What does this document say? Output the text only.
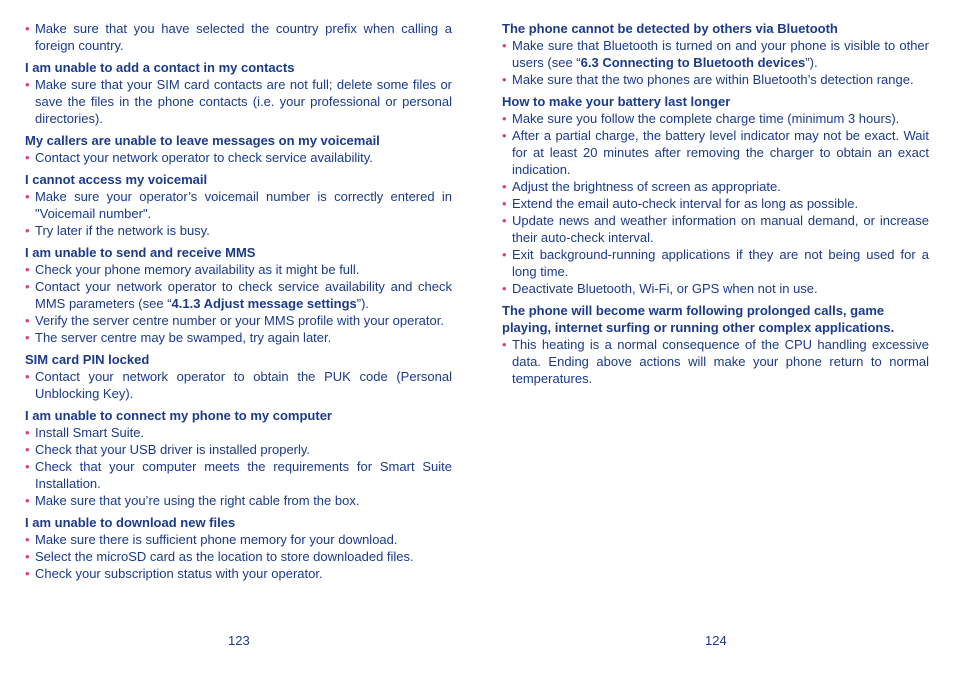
• Make sure that you have selected the country prefix when calling a foreign country.

I am unable to add a contact in my contacts

• Make sure that your SIM card contacts are not full; delete some files or save the files in the phone contacts (i.e. your professional or personal directories).

My callers are unable to leave messages on my voicemail

• Contact your network operator to check service availability.

I cannot access my voicemail

• Make sure your operator’s voicemail number is correctly entered in "Voicemail number".
• Try later if the network is busy.

I am unable to send and receive MMS

• Check your phone memory availability as it might be full.
• Contact your network operator to check service availability and check MMS parameters (see “4.1.3 Adjust message settings”).
• Verify the server centre number or your MMS profile with your operator.
• The server centre may be swamped, try again later.

SIM card PIN locked

• Contact your network operator to obtain the PUK code (Personal Unblocking Key).

I am unable to connect my phone to my computer

• Install Smart Suite.
• Check that your USB driver is installed properly.
• Check that your computer meets the requirements for Smart Suite Installation.
• Make sure that you’re using the right cable from the box.

I am unable to download new files

• Make sure there is sufficient phone memory for your download.
• Select the microSD card as the location to store downloaded files.
• Check your subscription status with your operator.

The phone cannot be detected by others via Bluetooth

• Make sure that Bluetooth is turned on and your phone is visible to other users (see “6.3 Connecting to Bluetooth devices”).
• Make sure that the two phones are within Bluetooth’s detection range.

How to make your battery last longer

• Make sure you follow the complete charge time (minimum 3 hours).
• After a partial charge, the battery level indicator may not be exact. Wait for at least 20 minutes after removing the charger to obtain an exact indication.
• Adjust the brightness of screen as appropriate.
• Extend the email auto-check interval for as long as possible.
• Update news and weather information on manual demand, or increase their auto-check interval.
• Exit background-running applications if they are not being used for a long time.
• Deactivate Bluetooth, Wi-Fi, or GPS when not in use.

The phone will become warm following prolonged calls, game playing, internet surfing or running other complex applications.

• This heating is a normal consequence of the CPU handling excessive data. Ending above actions will make your phone return to normal temperatures.
123	124
